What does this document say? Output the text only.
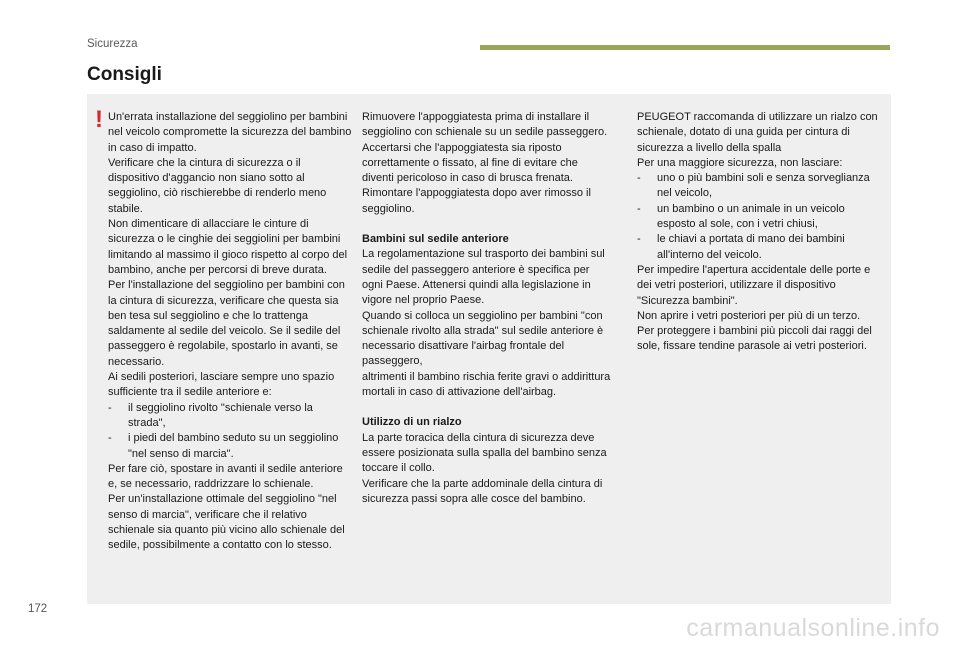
Sicurezza
Consigli
! Un'errata installazione del seggiolino per bambini nel veicolo compromette la sicurezza del bambino in caso di impatto.

Verificare che la cintura di sicurezza o il dispositivo d'aggancio non siano sotto al seggiolino, ciò rischierebbe di renderlo meno stabile.

Non dimenticare di allacciare le cinture di sicurezza o le cinghie dei seggiolini per bambini limitando al massimo il gioco rispetto al corpo del bambino, anche per percorsi di breve durata.

Per l'installazione del seggiolino per bambini con la cintura di sicurezza, verificare che questa sia ben tesa sul seggiolino e che lo trattenga saldamente al sedile del veicolo. Se il sedile del passeggero è regolabile, spostarlo in avanti, se necessario.

Ai sedili posteriori, lasciare sempre uno spazio sufficiente tra il sedile anteriore e:

- il seggiolino rivolto "schienale verso la strada",
- i piedi del bambino seduto su un seggiolino "nel senso di marcia".

Per fare ciò, spostare in avanti il sedile anteriore e, se necessario, raddrizzare lo schienale.

Per un'installazione ottimale del seggiolino "nel senso di marcia", verificare che il relativo schienale sia quanto più vicino allo schienale del sedile, possibilmente a contatto con lo stesso.

Rimuovere l'appoggiatesta prima di installare il seggiolino con schienale su un sedile passeggero.

Accertarsi che l'appoggiatesta sia riposto correttamente o fissato, al fine di evitare che diventi pericoloso in caso di brusca frenata.

Rimontare l'appoggiatesta dopo aver rimosso il seggiolino.

Bambini sul sedile anteriore

La regolamentazione sul trasporto dei bambini sul sedile del passeggero anteriore è specifica per ogni Paese. Attenersi quindi alla legislazione in vigore nel proprio Paese.

Quando si colloca un seggiolino per bambini "con schienale rivolto alla strada" sul sedile anteriore è necessario disattivare l'airbag frontale del passeggero,

altrimenti il bambino rischia ferite gravi o addirittura mortali in caso di attivazione dell'airbag.

Utilizzo di un rialzo

La parte toracica della cintura di sicurezza deve essere posizionata sulla spalla del bambino senza toccare il collo.

Verificare che la parte addominale della cintura di sicurezza passi sopra alle cosce del bambino.

PEUGEOT raccomanda di utilizzare un rialzo con schienale, dotato di una guida per cintura di sicurezza a livello della spalla

Per una maggiore sicurezza, non lasciare:

- uno o più bambini soli e senza sorveglianza nel veicolo,
- un bambino o un animale in un veicolo esposto al sole, con i vetri chiusi,
- le chiavi a portata di mano dei bambini all'interno del veicolo.

Per impedire l'apertura accidentale delle porte e dei vetri posteriori, utilizzare il dispositivo "Sicurezza bambini".

Non aprire i vetri posteriori per più di un terzo.

Per proteggere i bambini più piccoli dai raggi del sole, fissare tendine parasole ai vetri posteriori.

172
carmanualsonline.info
